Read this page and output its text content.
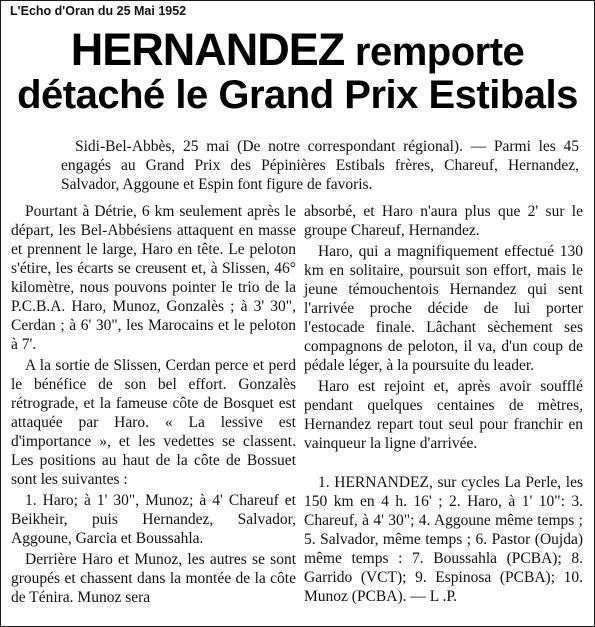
L'Echo d'Oran du 25 Mai 1952
HERNANDEZ remporte
détaché le Grand Prix Estibals

Sidi-Bel-Abbès, 25 mai (De notre correspondant régional). — Parmi les 45 engagés au Grand Prix des Pépinières Estibals frères, Chareuf, Hernandez, Salvador, Aggoune et Espin font figure de favoris.

Pourtant à Détrie, 6 km seulement après le départ, les Bel-Abbésiens attaquent en masse et prennent le large, Haro en tête. Le peloton s'étire, les écarts se creusent et, à Slissen, 46° kilomètre, nous pouvons pointer le trio de la P.C.B.A. Haro, Munoz, Gonzalès ; à 3' 30", Cerdan ; à 6' 30", les Marocains et le peloton à 7'.

A la sortie de Slissen, Cerdan perce et perd le bénéfice de son bel effort. Gonzalès rétrograde, et la fameuse côte de Bosquet est attaquée par Haro. « La lessive est d'importance », et les vedettes se classent. Les positions au haut de la côte de Bossuet sont les suivantes :

1. Haro; à 1' 30", Munoz; à 4' Chareuf et Beikheir, puis Hernandez, Salvador, Aggoune, Garcia et Boussahla.

Derrière Haro et Munoz, les autres se sont groupés et chassent dans la montée de la côte de Ténira. Munoz sera

absorbé, et Haro n'aura plus que 2' sur le groupe Chareuf, Hernandez.

Haro, qui a magnifiquement effectué 130 km en solitaire, poursuit son effort, mais le jeune témouchentois Hernandez qui sent l'arrivée proche décide de lui porter l'estocade finale. Lâchant sèchement ses compagnons de peloton, il va, d'un coup de pédale léger, à la poursuite du leader.

Haro est rejoint et, après avoir soufflé pendant quelques centaines de mètres, Hernandez repart tout seul pour franchir en vainqueur la ligne d'arrivée.

1. HERNANDEZ, sur cycles La Perle, les 150 km en 4 h. 16' ; 2. Haro, à 1' 10": 3. Chareuf, à 4' 30"; 4. Aggoune même temps ; 5. Salvador, même temps ; 6. Pastor (Oujda) même temps : 7. Boussahla (PCBA); 8. Garrido (VCT); 9. Espinosa (PCBA); 10. Munoz (PCBA). — L .P.
